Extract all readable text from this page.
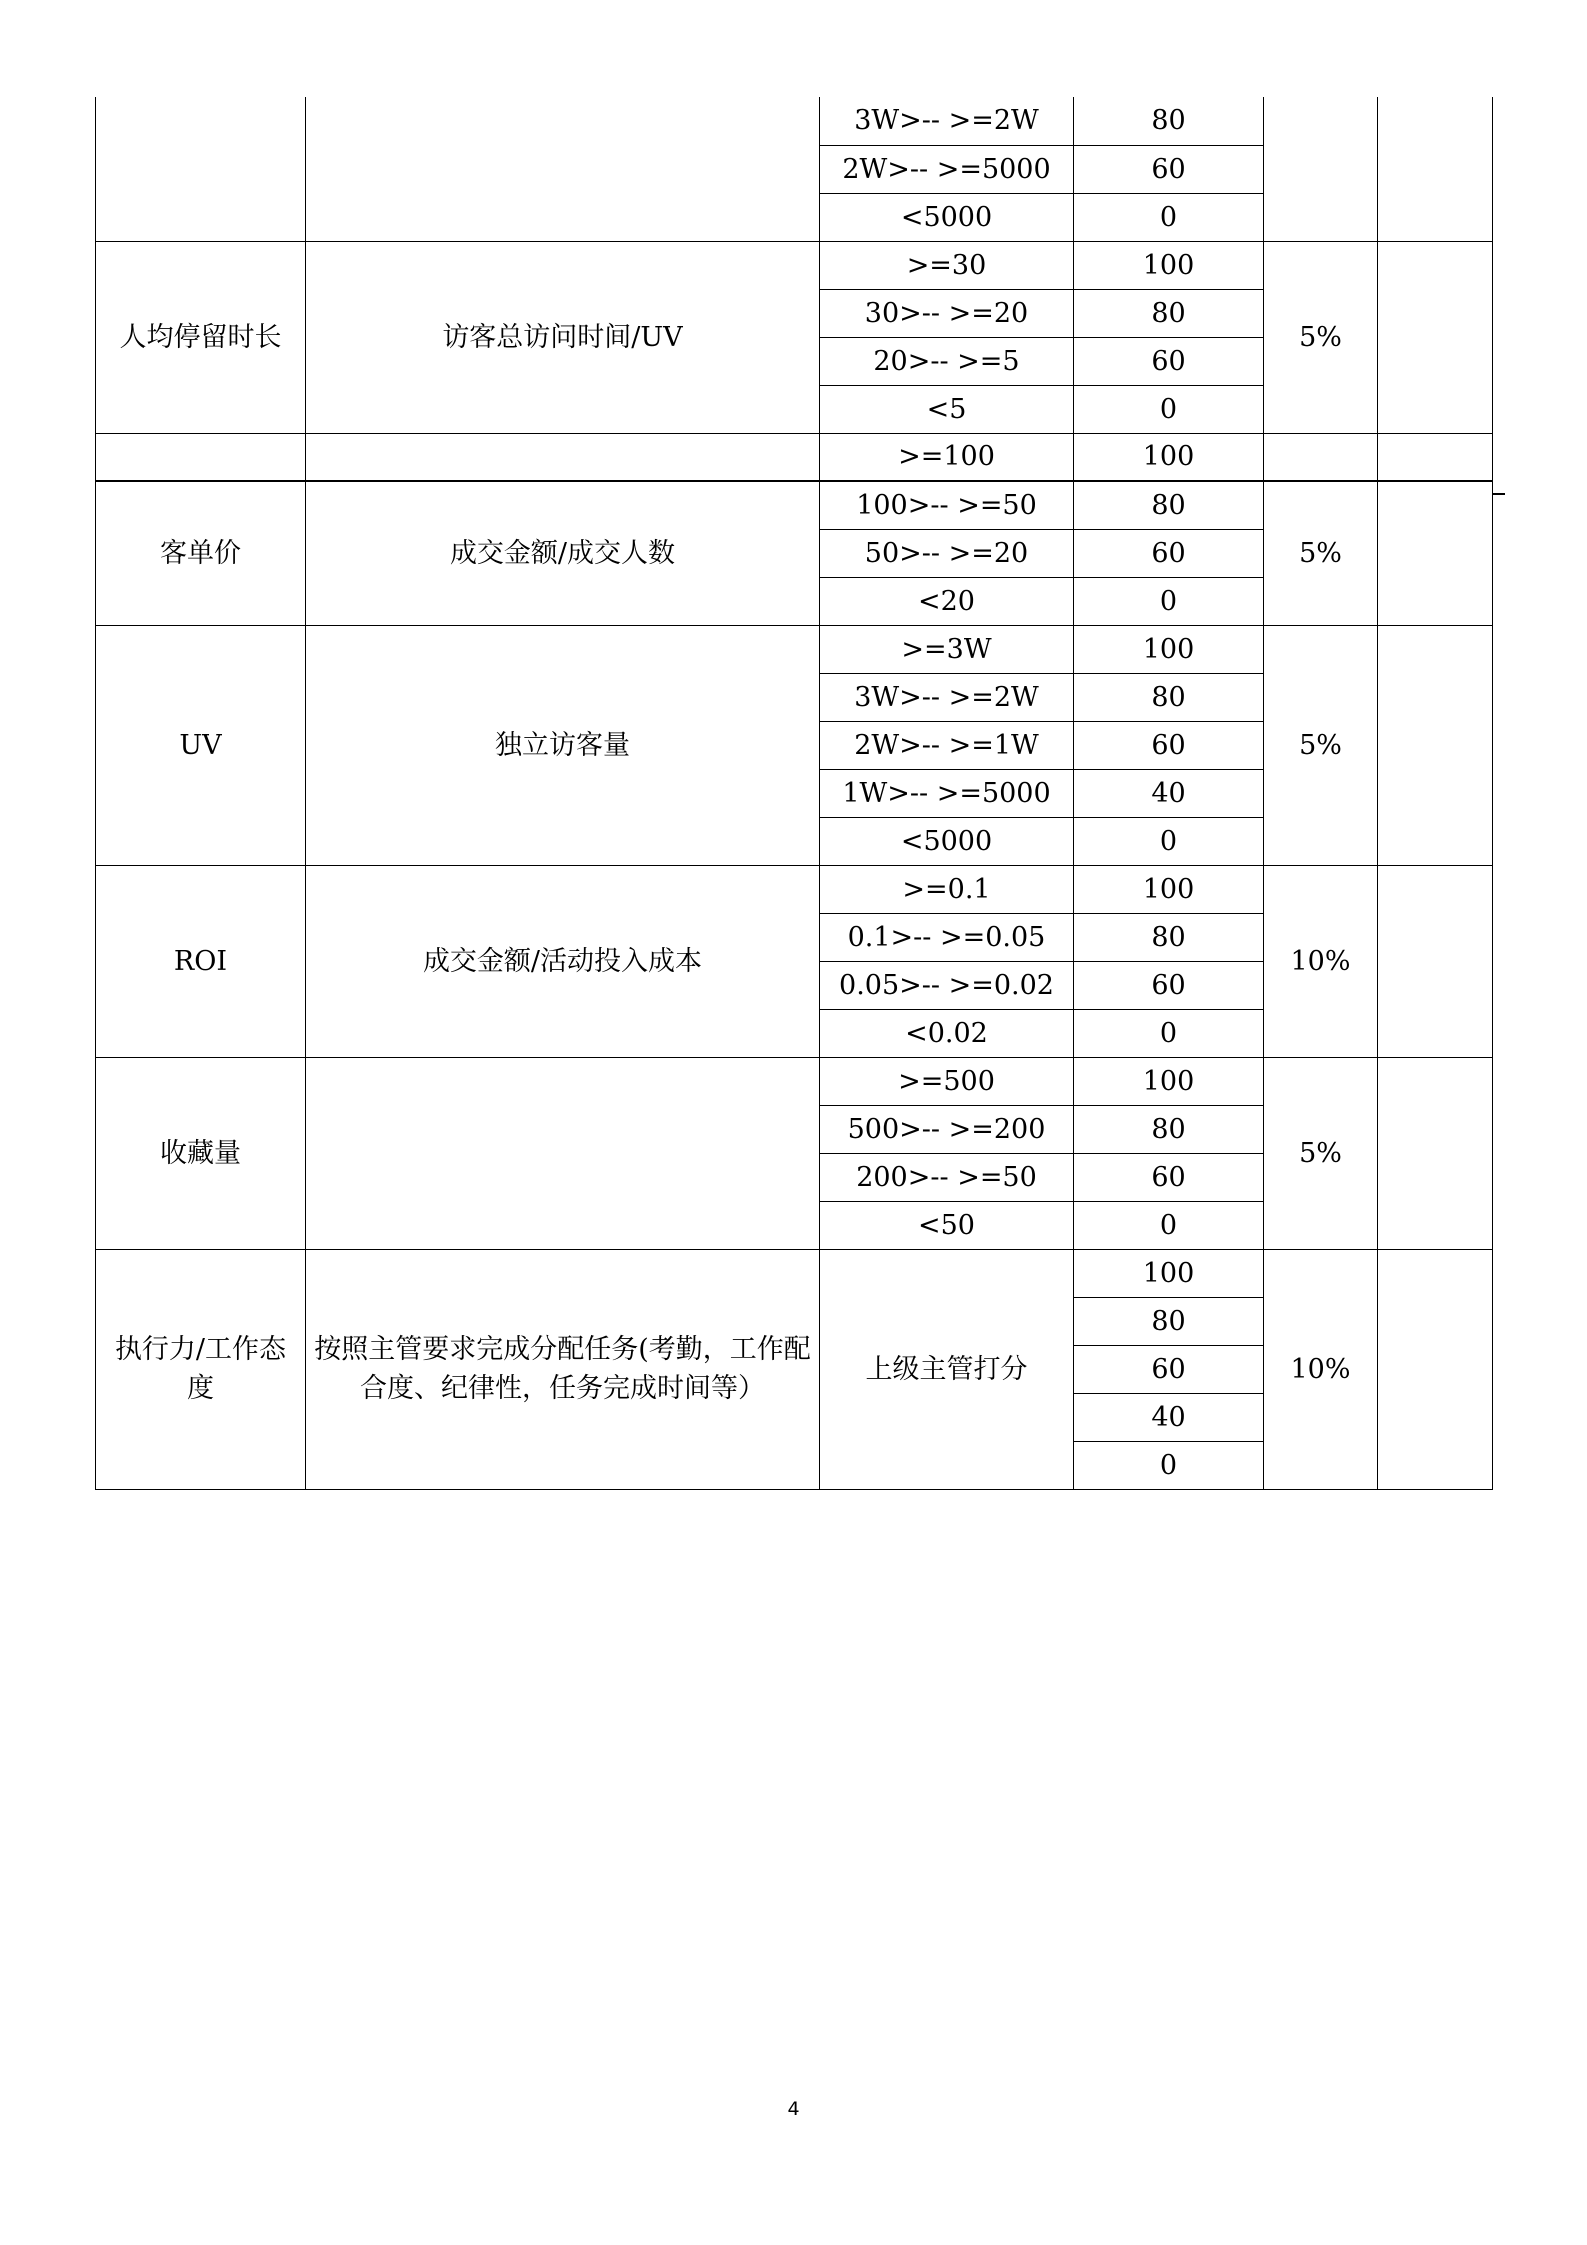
		3W>-- >=2W	80		
		2W>-- >=5000	60		
		<5000	0		
人均停留时长	访客总访问时间/UV	>=30	100	5%	
		30>-- >=20	80		
		20>-- >=5	60		
		<5	0		
		>=100	100		
客单价	成交金额/成交人数	100>-- >=50	80	5%	
		50>-- >=20	60		
		<20	0		
UV	独立访客量	>=3W	100	5%	
		3W>-- >=2W	80		
		2W>-- >=1W	60		
		1W>-- >=5000	40		
		<5000	0		
ROI	成交金额/活动投入成本	>=0.1	100	10%	
		0.1>-- >=0.05	80		
		0.05>-- >=0.02	60		
		<0.02	0		
收藏量		>=500	100	5%	
		500>-- >=200	80		
		200>-- >=50	60		
		<50	0		
执行力/工作态度	按照主管要求完成分配任务(考勤，工作配合度、纪律性，任务完成时间等）	上级主管打分	100	10%	
			80		
			60		
			40		
			0		
4
